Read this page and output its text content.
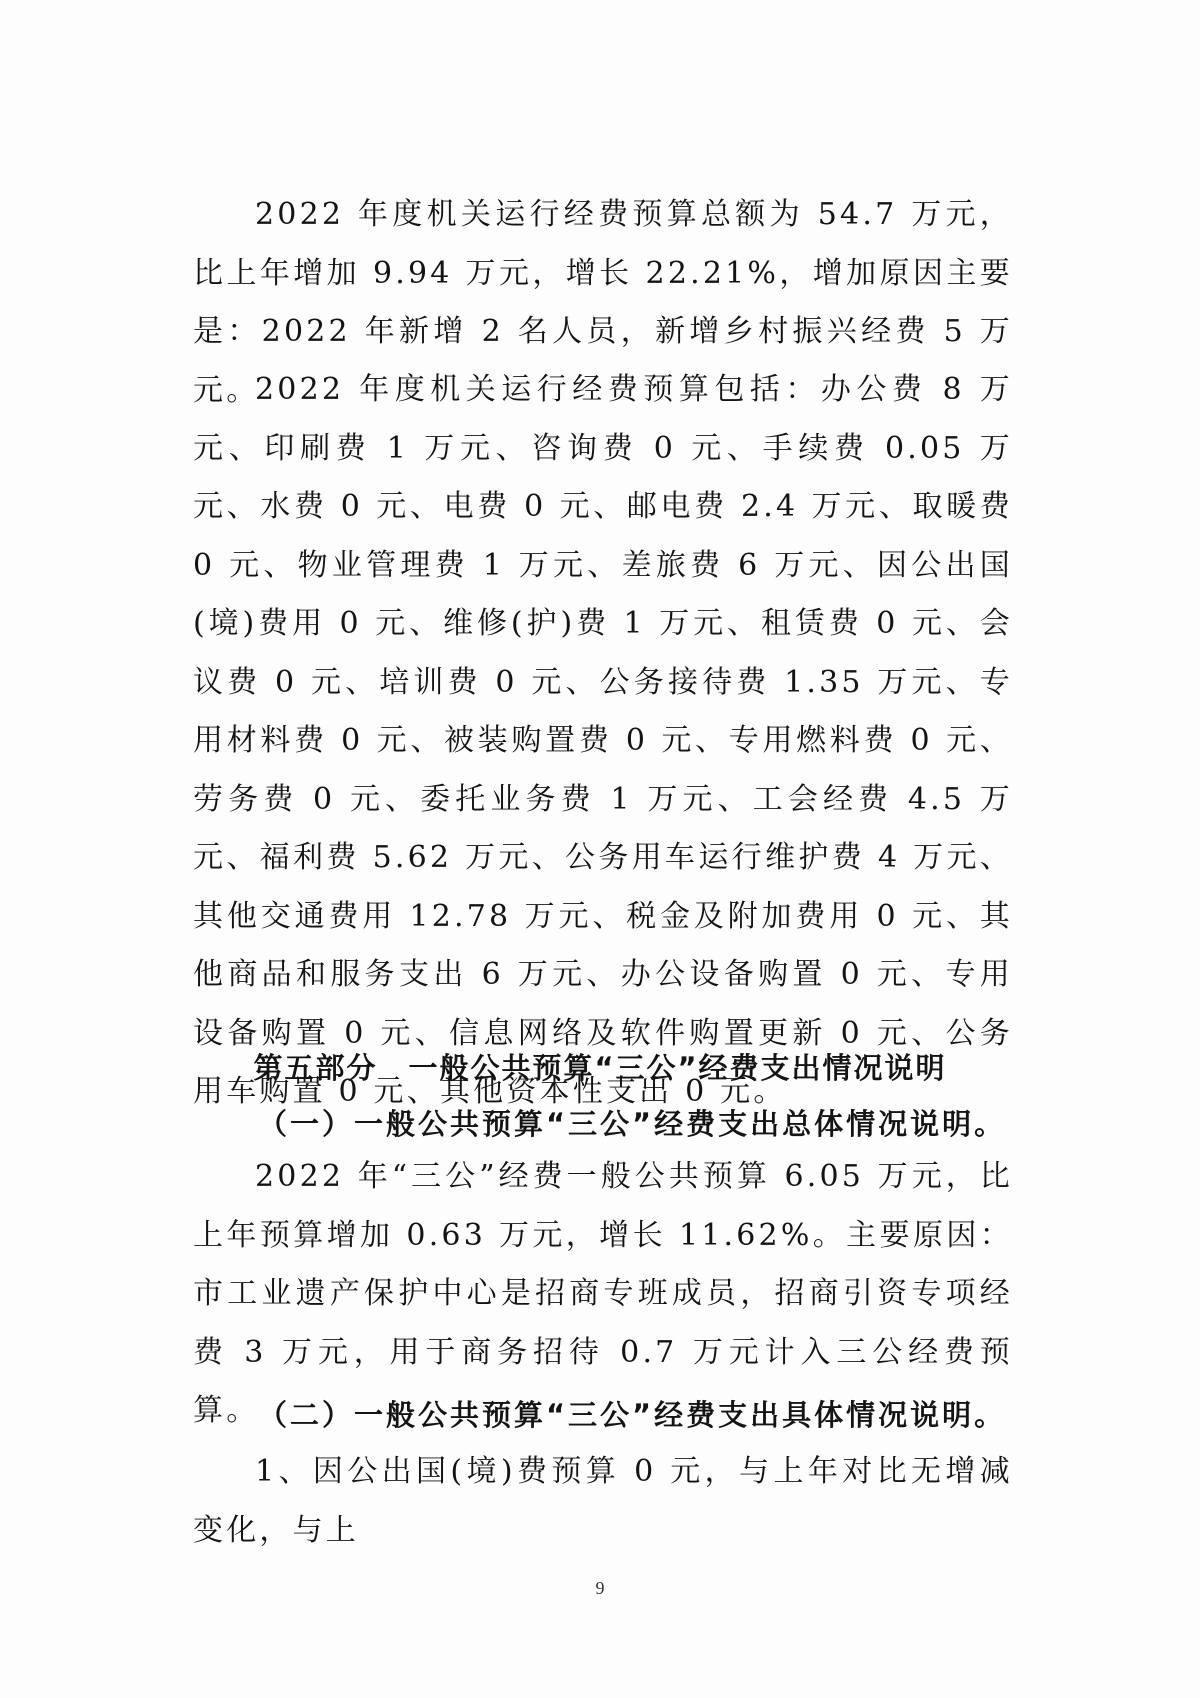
2022 年度机关运行经费预算总额为 54.7 万元，比上年增加 9.94 万元，增长 22.21%，增加原因主要是：2022 年新增 2 名人员，新增乡村振兴经费 5 万元。

2022 年度机关运行经费预算包括：办公费 8 万元、印刷费 1 万元、咨询费 0 元、手续费 0.05 万元、水费 0 元、电费 0 元、邮电费 2.4 万元、取暖费 0 元、物业管理费 1 万元、差旅费 6 万元、因公出国(境)费用 0 元、维修(护)费 1 万元、租赁费 0 元、会议费 0 元、培训费 0 元、公务接待费 1.35 万元、专用材料费 0 元、被装购置费 0 元、专用燃料费 0 元、劳务费 0 元、委托业务费 1 万元、工会经费 4.5 万元、福利费 5.62 万元、公务用车运行维护费 4 万元、其他交通费用 12.78 万元、税金及附加费用 0 元、其他商品和服务支出 6 万元、办公设备购置 0 元、专用设备购置 0 元、信息网络及软件购置更新 0 元、公务用车购置 0 元、其他资本性支出 0 元。

第五部分　一般公共预算“三公”经费支出情况说明
（一）一般公共预算“三公”经费支出总体情况说明。

2022 年“三公”经费一般公共预算 6.05 万元，比上年预算增加 0.63 万元，增长 11.62%。主要原因：市工业遗产保护中心是招商专班成员，招商引资专项经费 3 万元，用于商务招待 0.7 万元计入三公经费预算。

（二）一般公共预算“三公”经费支出具体情况说明。

1、因公出国(境)费预算 0 元，与上年对比无增减变化，与上

9
